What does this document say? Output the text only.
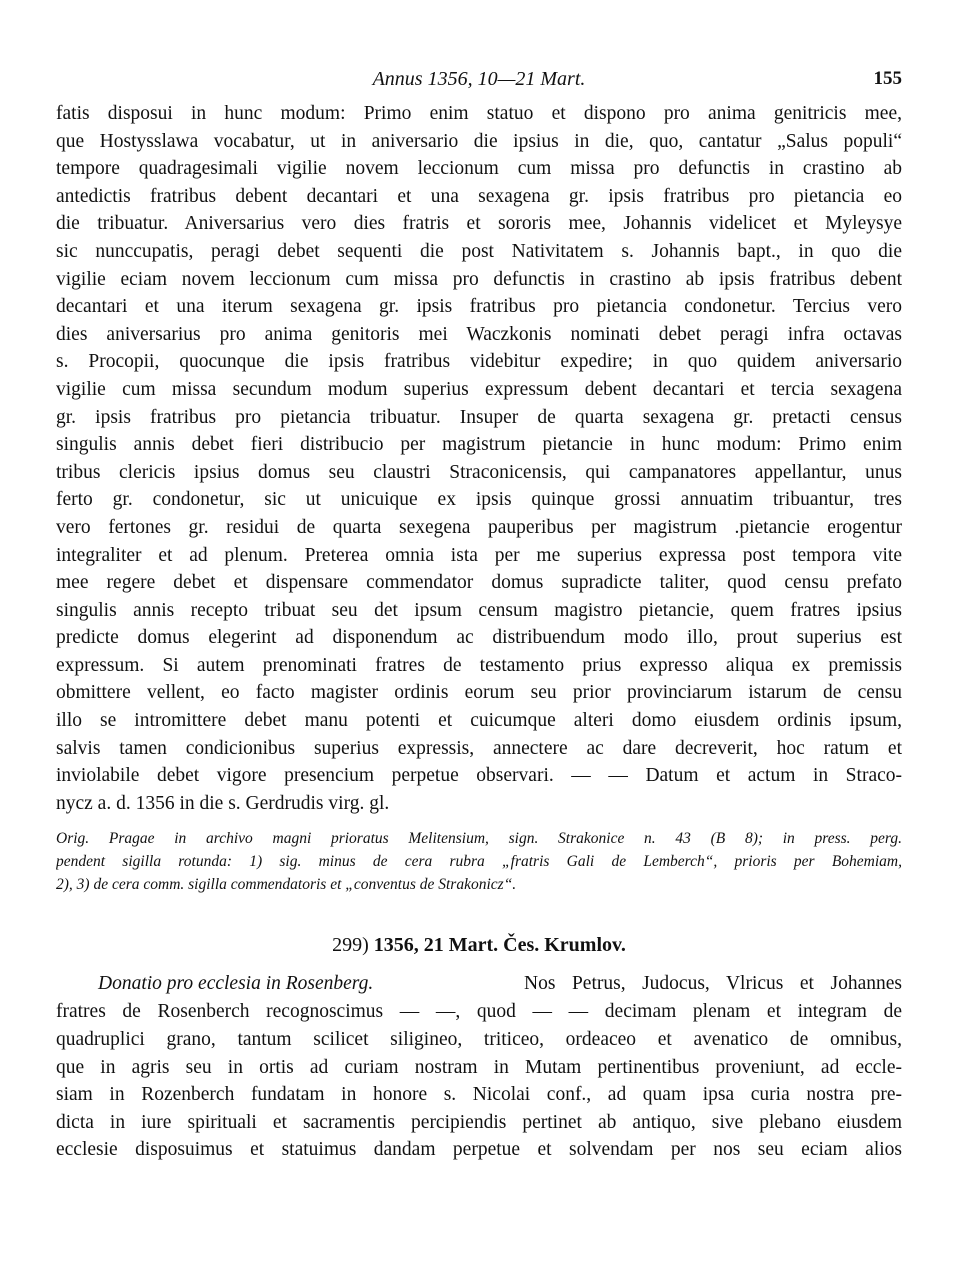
Annus 1356, 10—21 Mart.	155
fatis disposui in hunc modum: Primo enim statuo et dispono pro anima genitricis mee,
que Hostysslawa vocabatur, ut in aniversario die ipsius in die, quo, cantatur „Salus populi“
tempore quadragesimali vigilie novem leccionum cum missa pro defunctis in crastino ab
antedictis fratribus debent decantari et una sexagena gr. ipsis fratribus pro pietancia eo
die tribuatur. Aniversarius vero dies fratris et sororis mee, Johannis videlicet et Myleysye
sic nunccupatis, peragi debet sequenti die post Nativitatem s. Johannis bapt., in quo die
vigilie eciam novem leccionum cum missa pro defunctis in crastino ab ipsis fratribus debent
decantari et una iterum sexagena gr. ipsis fratribus pro pietancia condonetur. Tercius vero
dies aniversarius pro anima genitoris mei Waczkonis nominati debet peragi infra octavas
s. Procopii, quocunque die ipsis fratribus videbitur expedire; in quo quidem aniversario
vigilie cum missa secundum modum superius expressum debent decantari et tercia sexagena
gr. ipsis fratribus pro pietancia tribuatur. Insuper de quarta sexagena gr. pretacti census
singulis annis debet fieri distribucio per magistrum pietancie in hunc modum: Primo enim
tribus clericis ipsius domus seu claustri Straconicensis, qui campanatores appellantur, unus
ferto gr. condonetur, sic ut unicuique ex ipsis quinque grossi annuatim tribuantur, tres
vero fertones gr. residui de quarta sexegena pauperibus per magistrum .pietancie erogentur
integraliter et ad plenum. Preterea omnia ista per me superius expressa post tempora vite
mee regere debet et dispensare commendator domus supradicte taliter, quod censu prefato
singulis annis recepto tribuat seu det ipsum censum magistro pietancie, quem fratres ipsius
predicte domus elegerint ad disponendum ac distribuendum modo illo, prout superius est
expressum. Si autem prenominati fratres de testamento prius expresso aliqua ex premissis
obmittere vellent, eo facto magister ordinis eorum seu prior provinciarum istarum de censu
illo se intromittere debet manu potenti et cuicumque alteri domo eiusdem ordinis ipsum,
salvis tamen condicionibus superius expressis, annectere ac dare decreverit, hoc ratum et
inviolabile debet vigore presencium perpetue observari. — — Datum et actum in Straco-
nycz a. d. 1356 in die s. Gerdrudis virg. gl.
Orig. Pragae in archivo magni prioratus Melitensium, sign. Strakonice n. 43 (B 8); in press. perg.
pendent sigilla rotunda: 1) sig. minus de cera rubra „fratris Gali de Lemberch“, prioris per Bohemiam,
2), 3) de cera comm. sigilla commendatoris et „conventus de Strakonicz“.
299) 1356, 21 Mart. Čes. Krumlov.
Donatio pro ecclesia in Rosenberg.	Nos Petrus, Judocus, Vlricus et Johannes
fratres de Rosenberch recognoscimus — —, quod — — decimam plenam et integram de
quadruplici grano, tantum scilicet siligineo, triticeo, ordeaceo et avenatico de omnibus,
que in agris seu in ortis ad curiam nostram in Mutam pertinentibus proveniunt, ad eccle-
siam in Rozenberch fundatam in honore s. Nicolai conf., ad quam ipsa curia nostra pre-
dicta in iure spirituali et sacramentis percipiendis pertinet ab antiquo, sive plebano eiusdem
ecclesie disposuimus et statuimus dandam perpetue et solvendam per nos seu eciam alios
